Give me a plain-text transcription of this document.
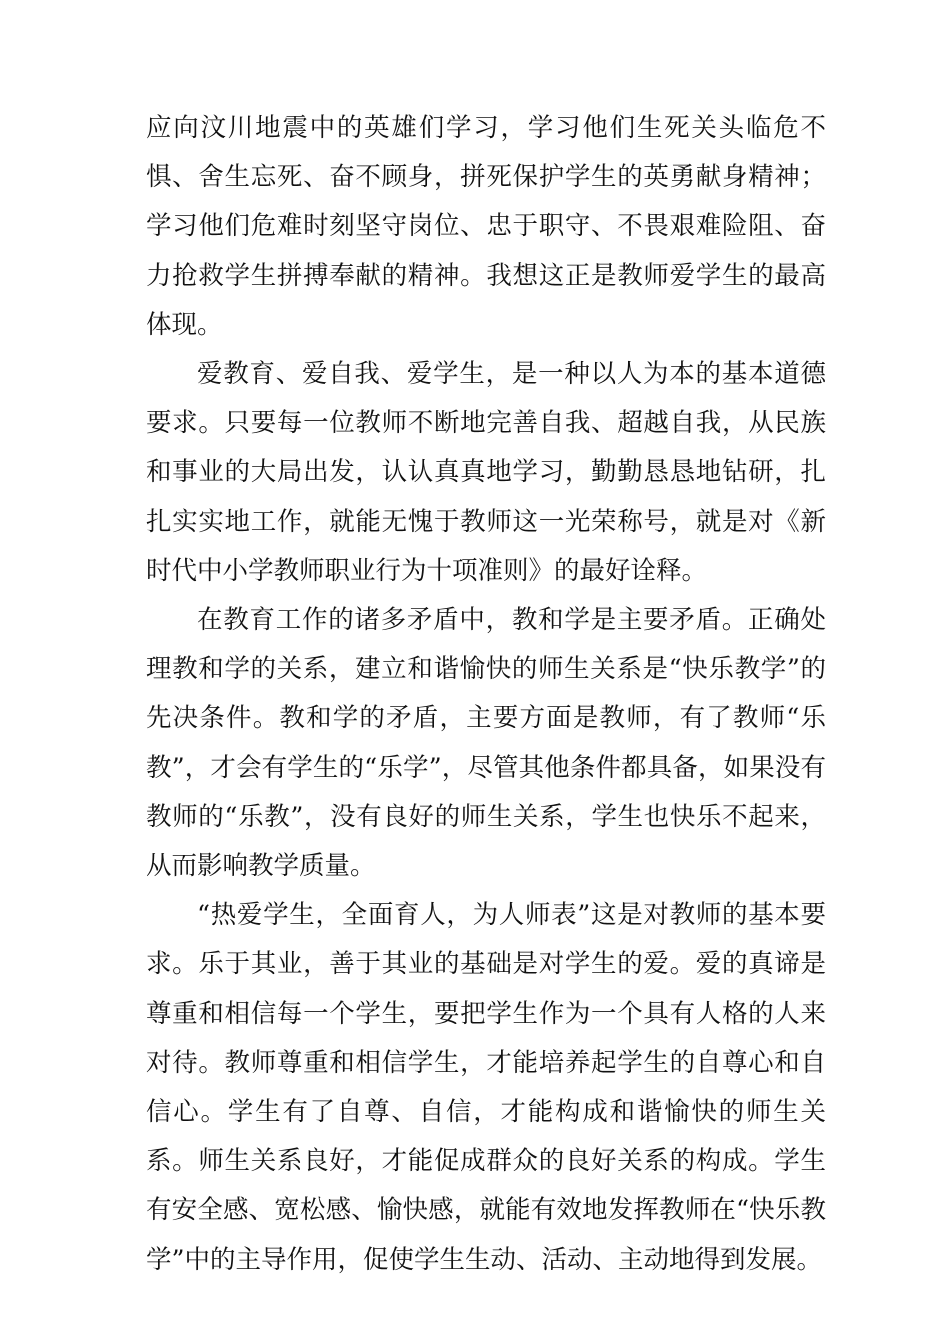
应向汶川地震中的英雄们学习，学习他们生死关头临危不惧、舍生忘死、奋不顾身，拼死保护学生的英勇献身精神；学习他们危难时刻坚守岗位、忠于职守、不畏艰难险阻、奋力抢救学生拼搏奉献的精神。我想这正是教师爱学生的最高体现。

爱教育、爱自我、爱学生，是一种以人为本的基本道德要求。只要每一位教师不断地完善自我、超越自我，从民族和事业的大局出发，认认真真地学习，勤勤恳恳地钻研，扎扎实实地工作，就能无愧于教师这一光荣称号，就是对《新时代中小学教师职业行为十项准则》的最好诠释。

在教育工作的诸多矛盾中，教和学是主要矛盾。正确处理教和学的关系，建立和谐愉快的师生关系是“快乐教学”的先决条件。教和学的矛盾，主要方面是教师，有了教师“乐教”，才会有学生的“乐学”，尽管其他条件都具备，如果没有教师的“乐教”，没有良好的师生关系，学生也快乐不起来，从而影响教学质量。

“热爱学生，全面育人，为人师表”这是对教师的基本要求。乐于其业，善于其业的基础是对学生的爱。爱的真谛是尊重和相信每一个学生，要把学生作为一个具有人格的人来对待。教师尊重和相信学生，才能培养起学生的自尊心和自信心。学生有了自尊、自信，才能构成和谐愉快的师生关系。师生关系良好，才能促成群众的良好关系的构成。学生有安全感、宽松感、愉快感，就能有效地发挥教师在“快乐教学”中的主导作用，促使学生生动、活动、主动地得到发展。
